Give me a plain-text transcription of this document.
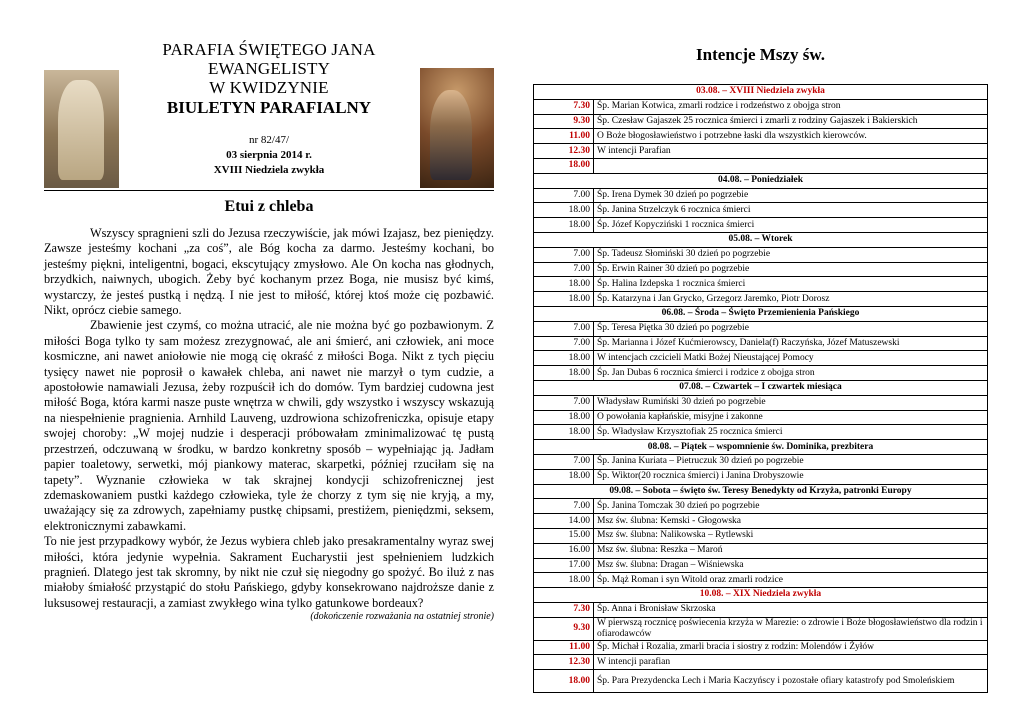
PARAFIA ŚWIĘTEGO JANA EWANGELISTY
W KWIDZYNIE
BIULETYN PARAFIALNY
nr 82/47/
03 sierpnia 2014 r.
XVIII Niedziela zwykła
Etui z chleba

Wszyscy spragnieni szli do Jezusa rzeczywiście, jak mówi Izajasz, bez pieniędzy. Zawsze jesteśmy kochani „za coś”, ale Bóg kocha za darmo. Jesteśmy kochani, bo jesteśmy piękni, inteligentni, bogaci, ekscytujący zmysłowo. Ale On kocha nas głodnych, brzydkich, naiwnych, ubogich. Żeby być kochanym przez Boga, nie musisz być kimś, wystarczy, że jesteś pustką i nędzą. I nie jest to miłość, której ktoś może cię pozbawić. Nikt, oprócz ciebie samego.

Zbawienie jest czymś, co można utracić, ale nie można być go pozbawionym. Z miłości Boga tylko ty sam możesz zrezygnować, ale ani śmierć, ani człowiek, ani moce kosmiczne, ani nawet aniołowie nie mogą cię okraść z miłości Boga. Nikt z tych pięciu tysięcy nawet nie poprosił o kawałek chleba, ani nawet nie marzył o tym cudzie, a apostołowie namawiali Jezusa, żeby rozpuścił ich do domów. Tym bardziej cudowna jest miłość Boga, która karmi nasze puste wnętrza w chwili, gdy wszystko i wszyscy wskazują na niespełnienie pragnienia. Arnhild Lauveng, uzdrowiona schizofreniczka, opisuje etapy swojej choroby: „W mojej nudzie i desperacji próbowałam zminimalizować tę pustą przestrzeń, odczuwaną w środku, w bardzo konkretny sposób – wypełniając ją. Jadłam papier toaletowy, serwetki, mój piankowy materac, skarpetki, później rzuciłam się na tapety”. Wyznanie człowieka w tak skrajnej kondycji schizofrenicznej jest zdemaskowaniem pustki każdego człowieka, tyle że chorzy z tym się nie kryją, a my, uważający się za zdrowych, zapełniamy pustkę chipsami, prestiżem, pieniędzmi, seksem, elektronicznymi zabawkami.

To nie jest przypadkowy wybór, że Jezus wybiera chleb jako presakramentalny wyraz swej miłości, która jedynie wypełnia. Sakrament Eucharystii jest spełnieniem ludzkich pragnień. Dlatego jest tak skromny, by nikt nie czuł się niegodny go spożyć. Bo iluż z nas miałoby śmiałość przystąpić do stołu Pańskiego, gdyby konsekrowano najdroższe danie z luksusowej restauracji, a zamiast zwykłego wina tylko gatunkowe bordeaux?

(dokończenie rozważania na ostatniej stronie)
Intencje Mszy św.
03.08. – XVIII Niedziela zwykła	
7.30	Śp. Marian Kotwica, zmarli rodzice i rodzeństwo z obojga stron
9.30	Śp. Czesław Gajaszek 25 rocznica śmierci i zmarli z rodziny Gajaszek i Bakierskich
11.00	O Boże błogosławieństwo i potrzebne łaski dla wszystkich kierowców.
12.30	W intencji Parafian
18.00	
04.08. – Poniedziałek	
7.00	Śp. Irena Dymek 30 dzień po pogrzebie
18.00	Śp. Janina Strzelczyk 6 rocznica śmierci
18.00	Śp. Józef Kopycziński 1 rocznica śmierci
05.08. – Wtorek	
7.00	Śp. Tadeusz Słomiński 30 dzień po pogrzebie
7.00	Śp. Erwin Rainer 30 dzień po pogrzebie
18.00	Śp. Halina Izdepska 1 rocznica śmierci
18.00	Śp. Katarzyna i Jan Grycko, Grzegorz Jaremko, Piotr Dorosz
06.08. – Środa – Święto Przemienienia Pańskiego	
7.00	Śp. Teresa Piętka 30 dzień po pogrzebie
7.00	Śp. Marianna i Józef Kućmierowscy, Daniela(f) Raczyńska, Józef Matuszewski
18.00	W intencjach czcicieli Matki Bożej Nieustającej Pomocy
18.00	Śp. Jan Dubas 6 rocznica śmierci i rodzice z obojga stron
07.08. – Czwartek – I czwartek miesiąca	
7.00	Władysław Rumiński 30 dzień po pogrzebie
18.00	O powołania kapłańskie, misyjne i zakonne
18.00	Śp. Władysław Krzysztofiak 25 rocznica śmierci
08.08. – Piątek – wspomnienie św. Dominika, prezbitera	
7.00	Śp. Janina Kuriata – Pietruczuk 30 dzień po pogrzebie
18.00	Śp. Wiktor(20 rocznica śmierci) i Janina Drobyszowie
09.08. – Sobota – święto św. Teresy Benedykty od Krzyża, patronki Europy	
7.00	Śp. Janina Tomczak 30 dzień po pogrzebie
14.00	Msz św. ślubna: Kemski - Głogowska
15.00	Msz św. ślubna: Nalikowska – Rytlewski
16.00	Msz św. ślubna: Reszka – Maroń
17.00	Msz św. ślubna: Dragan – Wiśniewska
18.00	Śp. Mąż Roman i syn Witold oraz zmarli rodzice
10.08. – XIX Niedziela zwykła	
7.30	Śp. Anna i Bronisław Skrzoska
9.30	W pierwszą rocznicę poświecenia krzyża w Marezie: o zdrowie i Boże błogosławieństwo dla rodzin i ofiarodawców
11.00	Śp. Michał i Rozalia, zmarli bracia i siostry z rodzin: Molendów i Żyłów
12.30	W intencji parafian
18.00	Śp. Para Prezydencka Lech i Maria Kaczyńscy i pozostałe ofiary katastrofy pod Smoleńskiem
